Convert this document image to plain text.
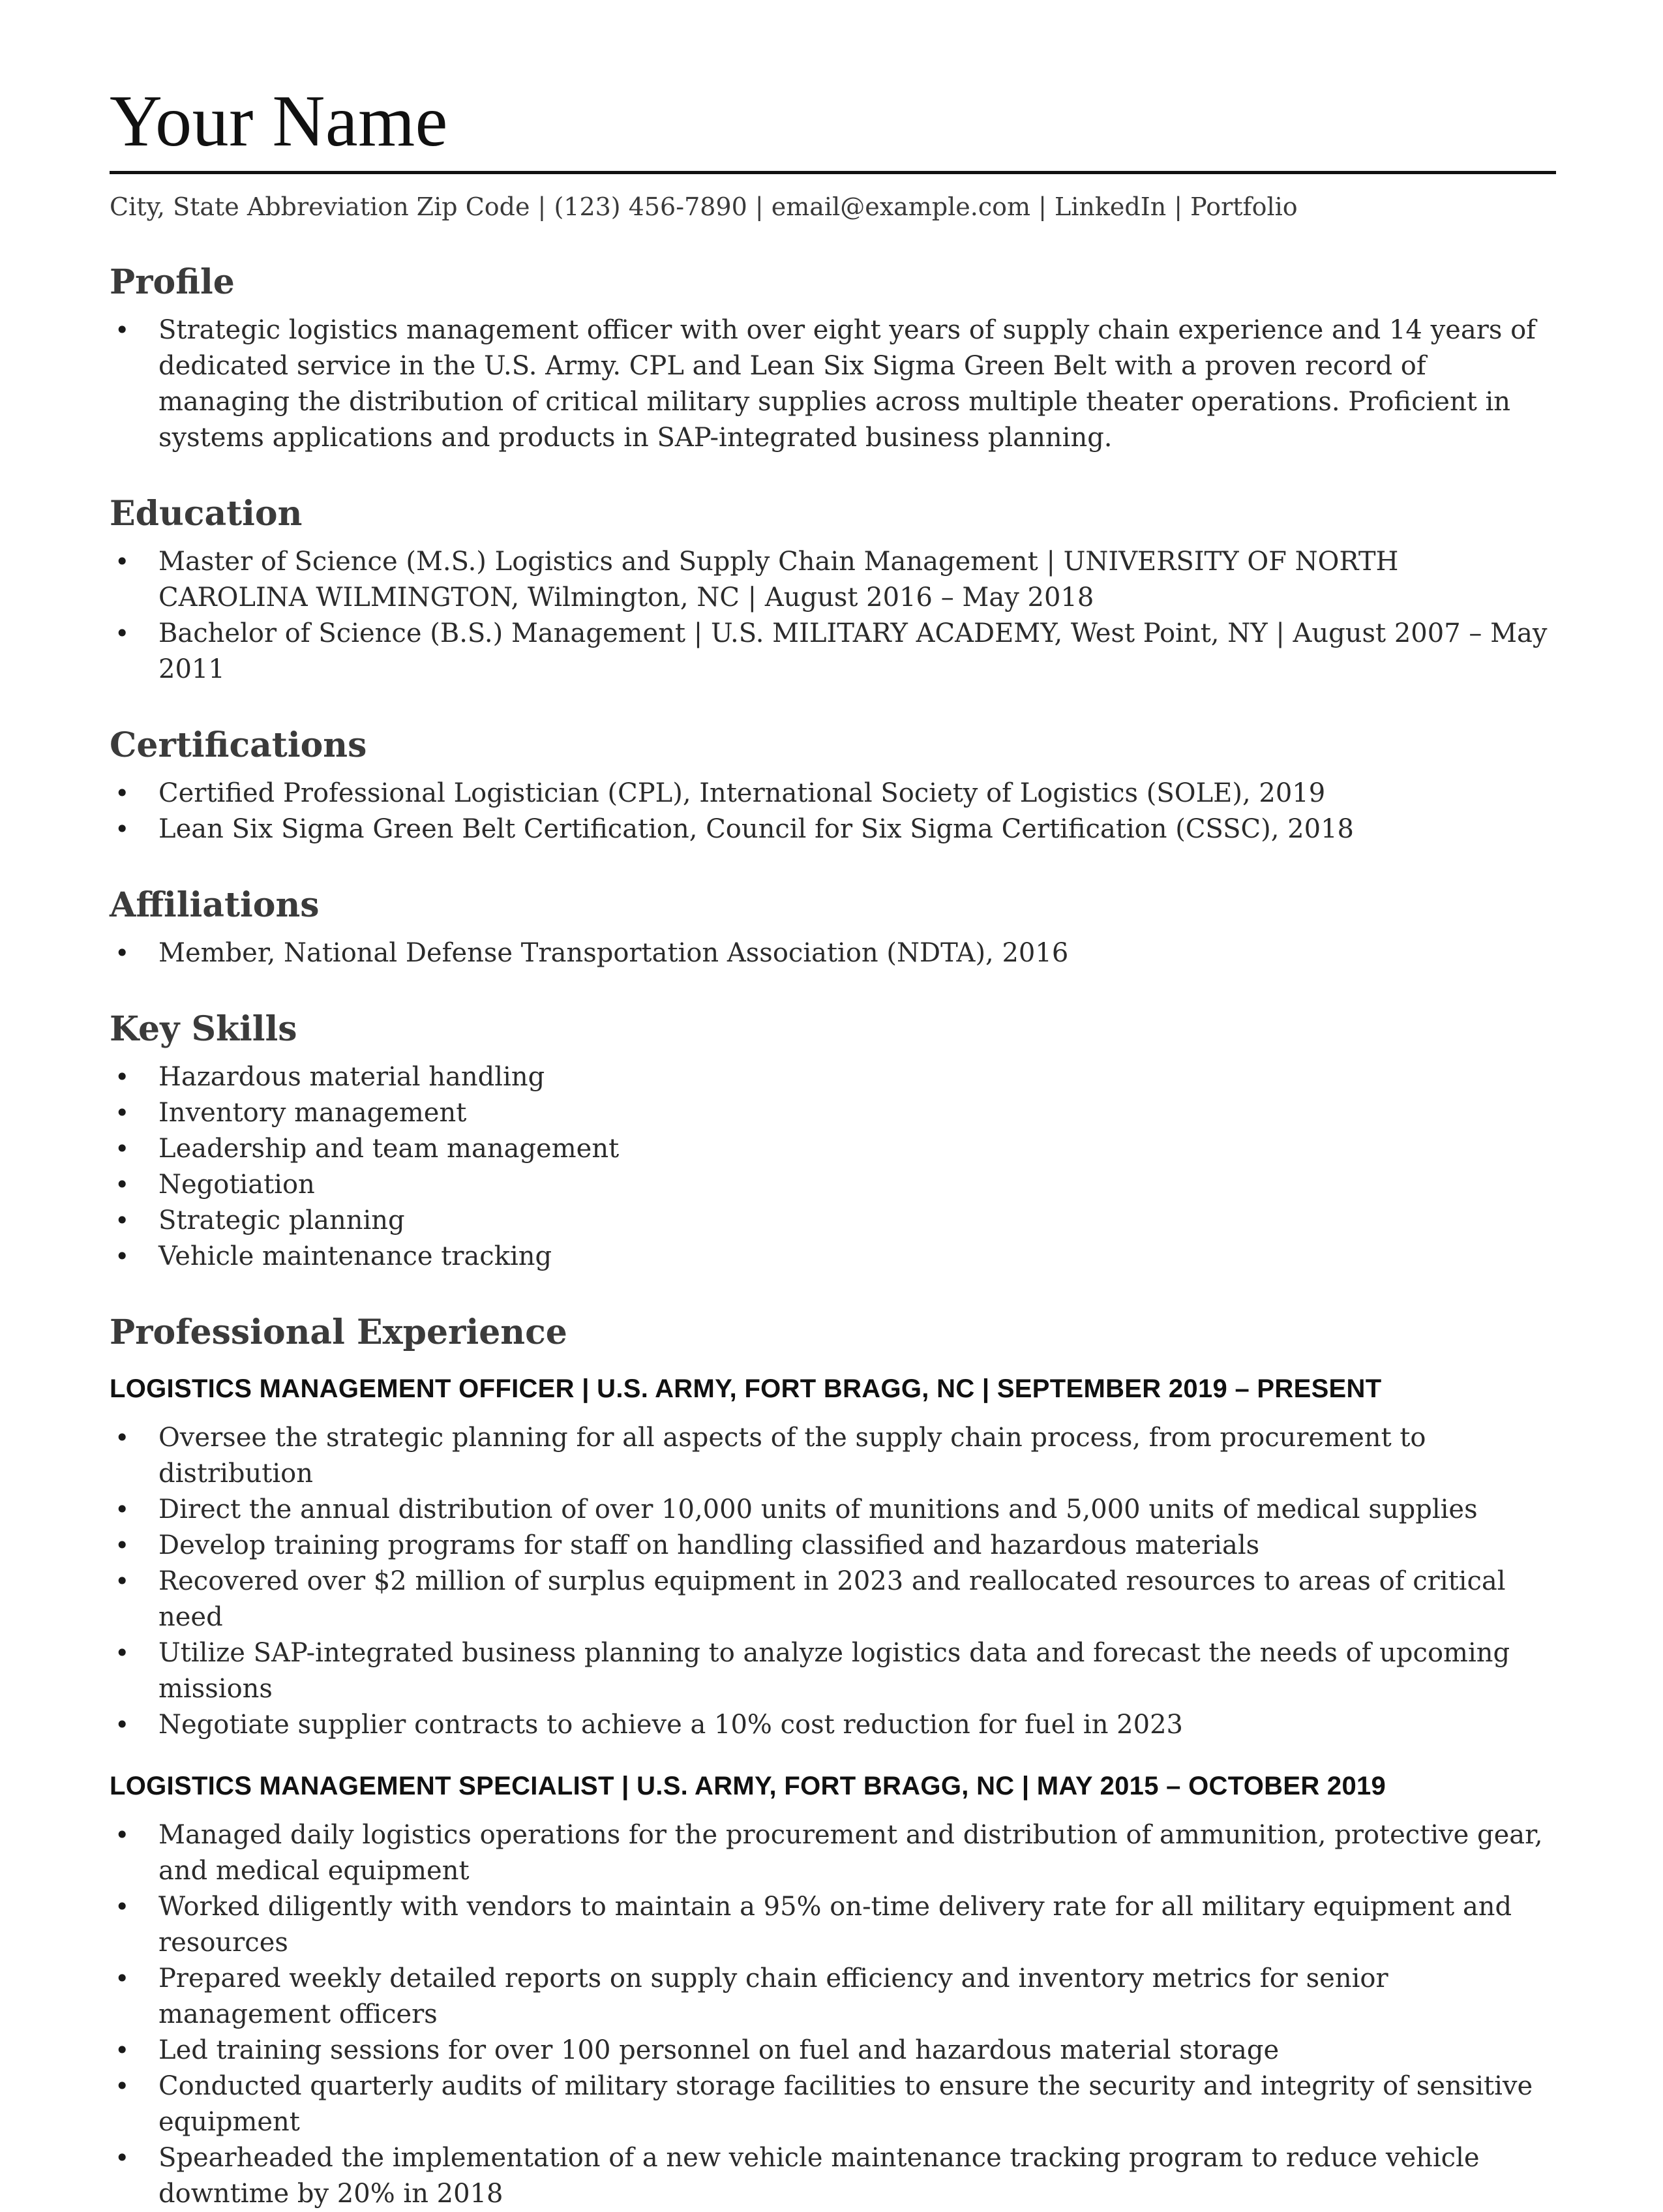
Your Name
City, State Abbreviation Zip Code | (123) 456-7890 | email@example.com | LinkedIn | Portfolio
Profile
• Strategic logistics management officer with over eight years of supply chain experience and 14 years of dedicated service in the U.S. Army. CPL and Lean Six Sigma Green Belt with a proven record of managing the distribution of critical military supplies across multiple theater operations. Proficient in systems applications and products in SAP-integrated business planning.
Education
• Master of Science (M.S.) Logistics and Supply Chain Management | UNIVERSITY OF NORTH CAROLINA WILMINGTON, Wilmington, NC | August 2016 – May 2018
• Bachelor of Science (B.S.) Management | U.S. MILITARY ACADEMY, West Point, NY | August 2007 – May 2011
Certifications
• Certified Professional Logistician (CPL), International Society of Logistics (SOLE), 2019
• Lean Six Sigma Green Belt Certification, Council for Six Sigma Certification (CSSC), 2018
Affiliations
• Member, National Defense Transportation Association (NDTA), 2016
Key Skills
• Hazardous material handling
• Inventory management
• Leadership and team management
• Negotiation
• Strategic planning
• Vehicle maintenance tracking
Professional Experience
LOGISTICS MANAGEMENT OFFICER | U.S. ARMY, FORT BRAGG, NC | SEPTEMBER 2019 – PRESENT
• Oversee the strategic planning for all aspects of the supply chain process, from procurement to distribution
• Direct the annual distribution of over 10,000 units of munitions and 5,000 units of medical supplies
• Develop training programs for staff on handling classified and hazardous materials
• Recovered over $2 million of surplus equipment in 2023 and reallocated resources to areas of critical need
• Utilize SAP-integrated business planning to analyze logistics data and forecast the needs of upcoming missions
• Negotiate supplier contracts to achieve a 10% cost reduction for fuel in 2023
LOGISTICS MANAGEMENT SPECIALIST | U.S. ARMY, FORT BRAGG, NC | MAY 2015 – OCTOBER 2019
• Managed daily logistics operations for the procurement and distribution of ammunition, protective gear, and medical equipment
• Worked diligently with vendors to maintain a 95% on-time delivery rate for all military equipment and resources
• Prepared weekly detailed reports on supply chain efficiency and inventory metrics for senior management officers
• Led training sessions for over 100 personnel on fuel and hazardous material storage
• Conducted quarterly audits of military storage facilities to ensure the security and integrity of sensitive equipment
• Spearheaded the implementation of a new vehicle maintenance tracking program to reduce vehicle downtime by 20% in 2018
